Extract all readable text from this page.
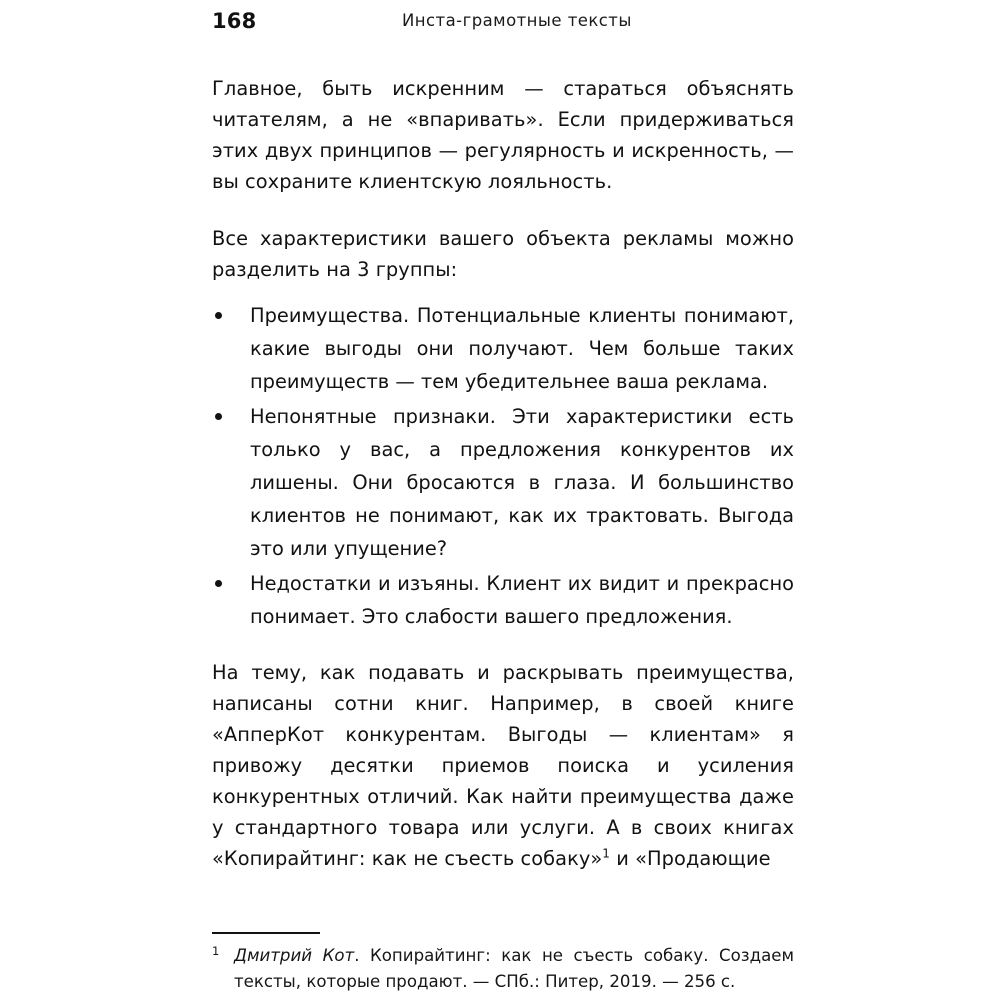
168	Инста-грамотные тексты

Главное, быть искренним — стараться объяснять читателям, а не «впаривать». Если придерживаться этих двух принципов — регулярность и искренность, — вы сохраните клиентскую лояльность.

Все характеристики вашего объекта рекламы можно разделить на 3 группы:

Преимущества. Потенциальные клиенты понимают, какие выгоды они получают. Чем больше таких преимуществ — тем убедительнее ваша реклама.
Непонятные признаки. Эти характеристики есть только у вас, а предложения конкурентов их лишены. Они бросаются в глаза. И большинство клиентов не понимают, как их трактовать. Выгода это или упущение?
Недостатки и изъяны. Клиент их видит и прекрасно понимает. Это слабости вашего предложения.

На тему, как подавать и раскрывать преимущества, написаны сотни книг. Например, в своей книге «АпперКот конкурентам. Выгоды — клиентам» я привожу десятки приемов поиска и усиления конкурентных отличий. Как найти преимущества даже у стандартного товара или услуги. А в своих книгах «Копирайтинг: как не съесть собаку»$^1$ и «Продающие

1 Дмитрий Кот. Копирайтинг: как не съесть собаку. Создаем тексты, которые продают. — СПб.: Питер, 2019. — 256 с.
